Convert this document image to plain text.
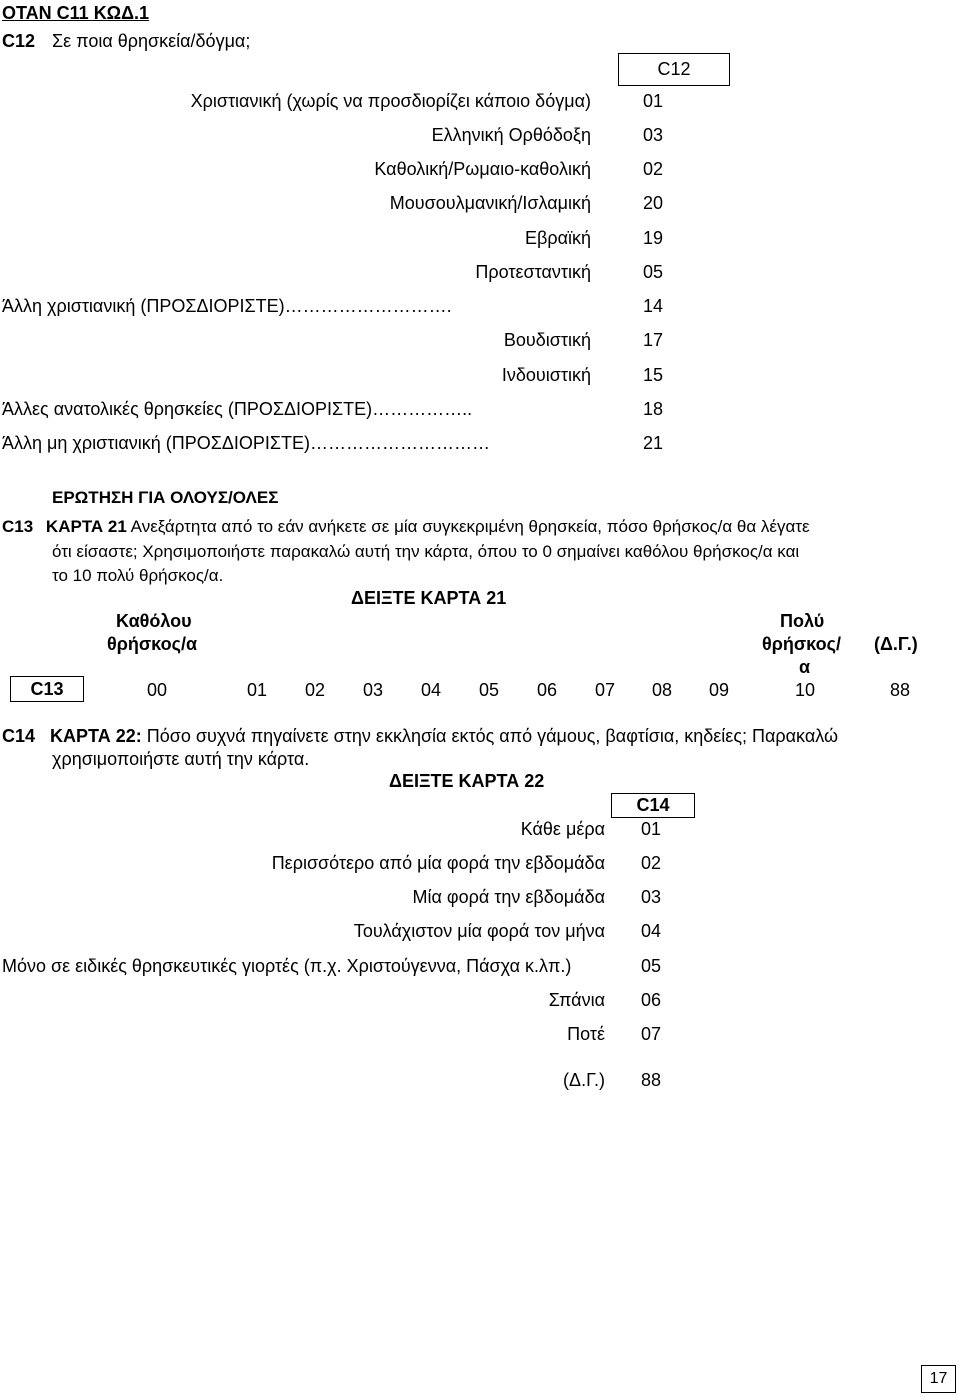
ΟΤΑΝ C11 ΚΩΔ.1
C12 Σε ποια θρησκεία/δόγμα;
C12
Χριστιανική (χωρίς να προσδιορίζει κάποιο δόγμα)	01
Ελληνική Ορθόδοξη	03
Καθολική/Ρωμαιο-καθολική	02
Μουσουλμανική/Ισλαμική	20
Εβραϊκή	19
Προτεσταντική	05
Άλλη χριστιανική (ΠΡΟΣΔΙΟΡΙΣΤΕ)……………………….	14
Βουδιστική	17
Ινδουιστική	15
Άλλες ανατολικές θρησκείες (ΠΡΟΣΔΙΟΡΙΣΤΕ)……………..	18
Άλλη μη χριστιανική (ΠΡΟΣΔΙΟΡΙΣΤΕ)…………………………	21
ΕΡΩΤΗΣΗ ΓΙΑ ΟΛΟΥΣ/ΟΛΕΣ
C13 ΚΑΡΤΑ 21 Ανεξάρτητα από το εάν ανήκετε σε μία συγκεκριμένη θρησκεία, πόσο θρήσκος/α θα λέγατε
ότι είσαστε; Χρησιμοποιήστε παρακαλώ αυτή την κάρτα, όπου το 0 σημαίνει καθόλου θρήσκος/α και
το 10 πολύ θρήσκος/α.
ΔΕΙΞΤΕ ΚΑΡΤΑ 21
Καθόλου
θρήσκος/α
Πολύ
θρήσκος/
α
(Δ.Γ.)
C13	00	01 02 03 04 05 06 07 08 09	10	88
C14 ΚΑΡΤΑ 22: Πόσο συχνά πηγαίνετε στην εκκλησία εκτός από γάμους, βαφτίσια, κηδείες; Παρακαλώ
χρησιμοποιήστε αυτή την κάρτα.
ΔΕΙΞΤΕ ΚΑΡΤΑ 22
C14
Κάθε μέρα 01
Περισσότερο από μία φορά την εβδομάδα 02
Μία φορά την εβδομάδα 03
Τουλάχιστον μία φορά τον μήνα 04
Μόνο σε ειδικές θρησκευτικές γιορτές (π.χ. Χριστούγεννα, Πάσχα κ.λπ.)	05
Σπάνια 06
Ποτέ 07
(Δ.Γ.) 88
17
